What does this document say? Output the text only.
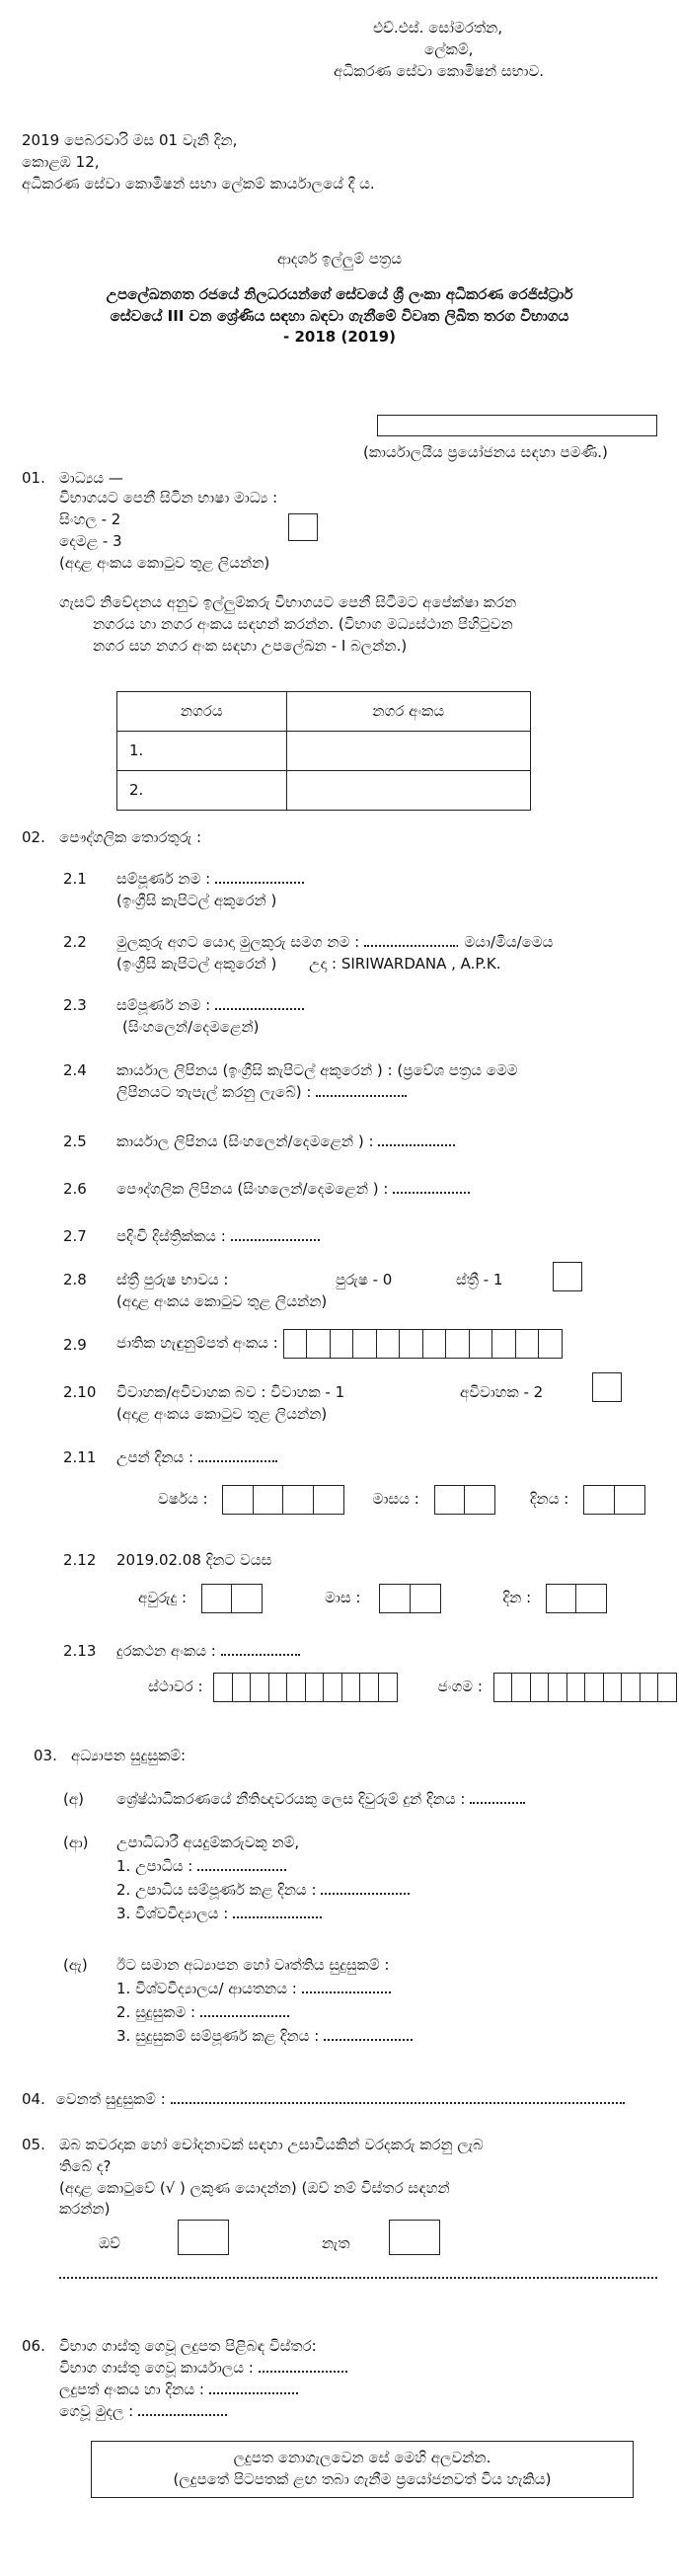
එච්.එස්. සෝමරත්න,
ලේකම්,
අධිකරණ සේවා කොමිෂන් සභාව.
2019 පෙබරවාරි මස 01 වැනි දින,
කොළඹ 12,
අධිකරණ සේවා කොමිෂන් සභා ලේකම් කාර්යාලයේ දී ය.
ආදර්ශ ඉල්ලුම් පත්‍රය
උපලේඛනගත රජයේ නිලධරයන්ගේ සේවයේ ශ්‍රී ලංකා අධිකරණ රෙජිස්ට්‍රාර්
සේවයේ III වන ශ්‍රේණිය සඳහා බඳවා ගැනීමේ විවෘත ලිඛිත තරග විභාගය
- 2018 (2019)
(කාර්යාලයීය ප්‍රයෝජනය සඳහා පමණි.)
01. මාධ්‍යය —
විභාගයට පෙනී සිටින භාෂා මාධ්‍ය :
සිංහල - 2
දෙමළ - 3
(අදාළ අංකය කොටුව තුළ ලියන්න)
ගැසට් නිවේදනය අනුව ඉල්ලුම්කරු විභාගයට පෙනී සිටීමට අපේක්ෂා කරන
නගරය හා නගර අංකය සඳහන් කරන්න. (විභාග මධ්‍යස්ථාන පිහිටුවන
නගර සහ නගර අංක සඳහා උපලේඛන - I බලන්න.)
නගරය	නගර අංකය
1.	
2.	
02. පෞද්ගලික තොරතුරු :
2.1 සම්පූර්ණ නම :
(ඉංග්‍රීසි කැපිටල් අකුරෙන් )
2.2 මුලකුරු අගට යොදා මුලකුරු සමග නම :	. මයා/මිය/මෙය
(ඉංග්‍රීසි කැපිටල් අකුරෙන් ) උදා : SIRIWARDANA , A.P.K.
2.3 සම්පූර්ණ නම :
(සිංහලෙන්/දෙමළෙන්)
2.4 කාර්යාල ලිපිනය (ඉංග්‍රීසි කැපිටල් අකුරෙන් ) : (ප්‍රවේශ පත්‍රය මෙම
ලිපිනයට තැපැල් කරනු ලැබේ) :
2.5 කාර්යාල ලිපිනය (සිංහලෙන්/දෙමළෙන් ) :
2.6 පෞද්ගලික ලිපිනය (සිංහලෙන්/දෙමළෙන් ) :
2.7 පදිංචි දිස්ත්‍රික්කය :
2.8 ස්ත්‍රී පුරුෂ භාවය :	පුරුෂ - 0	ස්ත්‍රී - 1
(අදාළ අංකය කොටුව තුළ ලියන්න)
2.9 ජාතික හැඳුනුම්පත් අංකය :
2.10 විවාහක/අවිවාහක බව : විවාහක - 1	අවිවාහක - 2
(අදාළ අංකය කොටුව තුළ ලියන්න)
2.11 උපන් දිනය :
වර්ෂය :	මාසය :	දිනය :
2.12 2019.02.08 දිනට වයස
අවුරුදු :	මාස :	දින :
2.13 දුරකථන අංකය :
ස්ථාවර :	ජංගම :
03. අධ්‍යාපන සුදුසුකම්:
(අ) ශ්‍රේෂ්ඨාධිකරණයේ නීතිඥවරයකු ලෙස දිවුරුම් දුන් දිනය :
(ආ) උපාධිධාරී අයදුම්කරුවකු නම්,
1. උපාධිය :
2. උපාධිය සම්පූර්ණ කළ දිනය :
3. විශ්වවිද්‍යාලය :
(ඇ) ඊට සමාන අධ්‍යාපන හෝ වෘත්තිය සුදුසුකම් :
1. විශ්වවිද්‍යාලය/ ආයතනය :
2. සුදුසුකම :
3. සුදුසුකම් සම්පූර්ණ කළ දිනය :
04. වෙනත් සුදුසුකම් :
05. ඔබ කවරදාක හෝ චෝදනාවක් සඳහා උසාවියකින් වරදකරු කරනු ලැබ
තිබේ ද?
(අදාළ කොටුවේ (√ ) ලකුණ යොදන්න) (ඔව් නම් විස්තර සඳහන්
කරන්න)
ඔව්	නැත
06. විභාග ගාස්තු ගෙවූ ලදුපත පිළිබඳ විස්තර:
විභාග ගාස්තු ගෙවූ කාර්යාලය :
ලදුපත් අංකය හා දිනය :
ගෙවූ මුදල :
ලදුපත නොගැලවෙන සේ මෙහි අලවන්න.
(ලදුපතේ පිටපතක් ළඟ තබා ගැනීම ප්‍රයෝජනවත් විය හැකිය)
